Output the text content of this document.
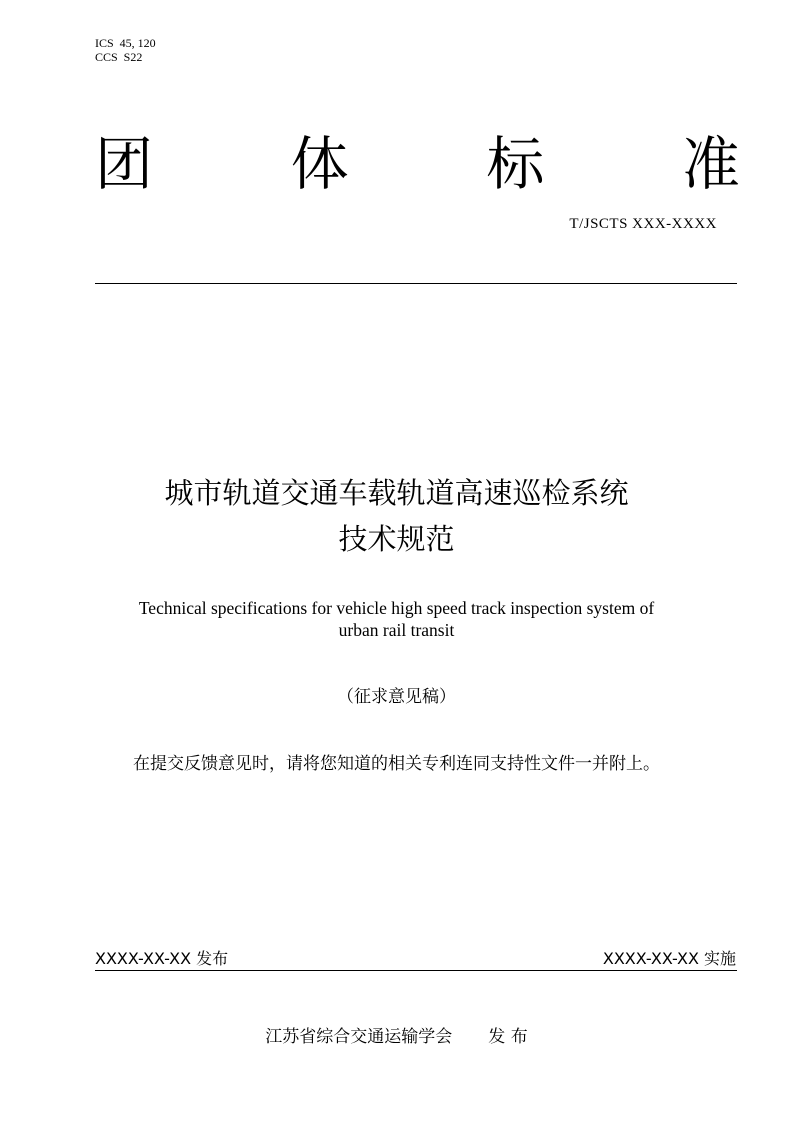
ICS  45, 120
CCS  S22
团 体 标 准
T/JSCTS XXX-XXXX
城市轨道交通车载轨道高速巡检系统
技术规范
Technical specifications for vehicle high speed track inspection system of
urban rail transit
（征求意见稿）
在提交反馈意见时，请将您知道的相关专利连同支持性文件一并附上。
XXXX-XX-XX 发布	XXXX-XX-XX 实施
江苏省综合交通运输学会 发 布
